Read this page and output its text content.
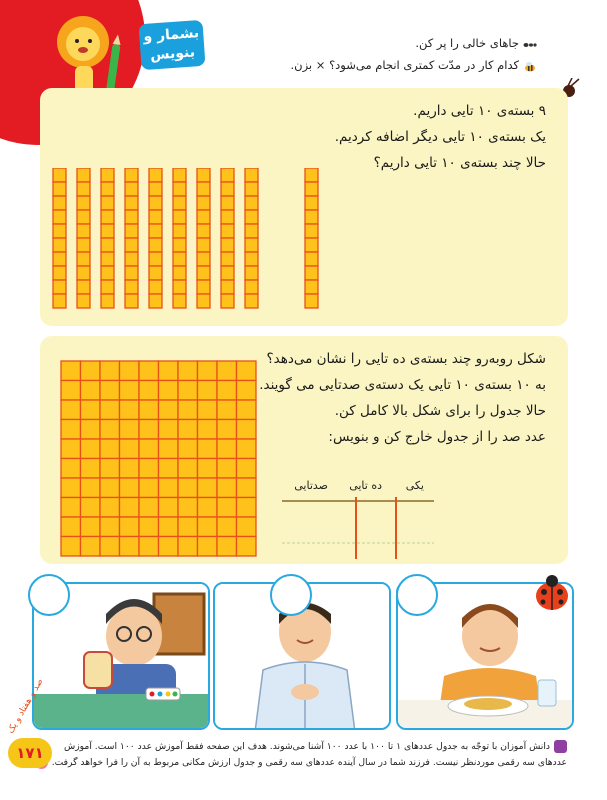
بشمار و
بنویس
جاهای خالی را پر کن.
کدام کار در مدّت کمتری انجام می‌شود؟ × بزن.
۹ بسته‌ی ۱۰ تایی داریم.
یک بسته‌ی ۱۰ تایی دیگر اضافه کردیم.
حالا چند بسته‌ی ۱۰ تایی داریم؟
شکل روبه‌رو چند بسته‌ی ده تایی را نشان می‌دهد؟
به ۱۰ بسته‌ی ۱۰ تایی یک دسته‌ی صدتایی می گویند.
حالا جدول را برای شکل بالا کامل کن.
عدد صد را از جدول خارج کن و بنویس:
یکی
ده تایی
صدتایی
دانش آموزان با توجّه به جدول عددهای ۱ تا ۱۰۰ با عدد ۱۰۰ آشنا می‌شوند. هدف این صفحه فقط آموزش عدد ۱۰۰ است. آموزش
عددهای سه رقمی موردنظر نیست. فرزند شما در سال آینده عددهای سه رقمی و جدول ارزش مکانی مربوط به آن را فرا خواهد گرفت.
صد و هفتاد و یک
۱۷۱
